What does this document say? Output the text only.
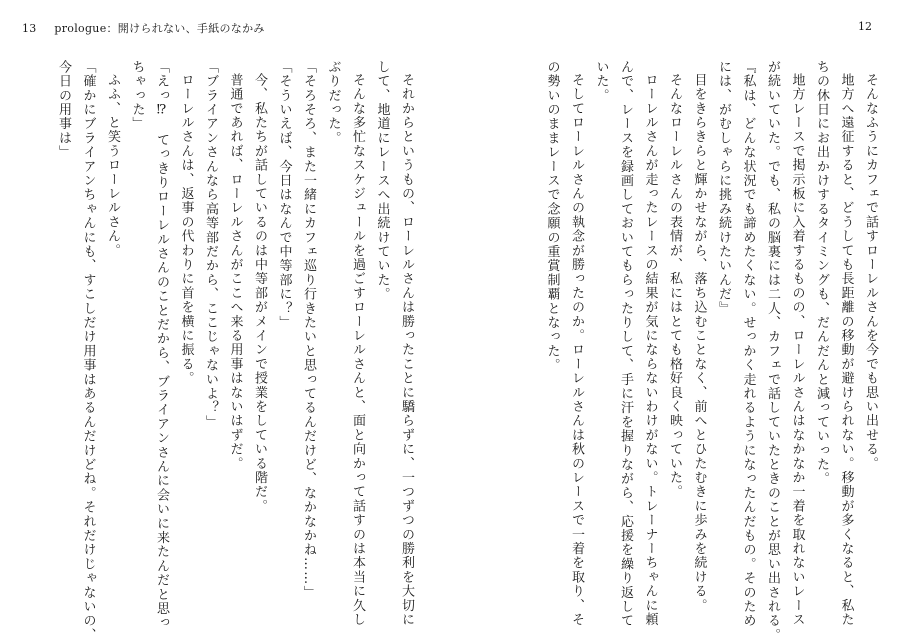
13 prologue：開けられない、手紙のなかみ
それからというもの、ローレルさんは勝ったことに驕らずに、一つずつの勝利を大切に
して、地道にレースへ出続けていた。
そんな多忙なスケジュールを過ごすローレルさんと、面と向かって話すのは本当に久し
ぶりだった。
「そろそろ、また一緒にカフェ巡り行きたいと思ってるんだけど、なかなかね……」
「そういえば、今日はなんで中等部に？」
今、私たちが話しているのは中等部がメインで授業をしている階だ。
普通であれば、ローレルさんがここへ来る用事はないはずだ。
「ブライアンさんなら高等部だから、ここじゃないよ？」
ローレルさんは、返事の代わりに首を横に振る。
「えっ⁉　てっきりローレルさんのことだから、ブライアンさんに会いに来たんだと思っ
ちゃった」
ふふ、と笑うローレルさん。
「確かにブライアンちゃんにも、すこしだけ用事はあるんだけどね。それだけじゃないの、
今日の用事は」
12
そんなふうにカフェで話すローレルさんを今でも思い出せる。
地方へ遠征すると、どうしても長距離の移動が避けられない。移動が多くなると、私た
ちの休日にお出かけするタイミングも、だんだんと減っていった。
地方レースで掲示板に入着するものの、ローレルさんはなかなか一着を取れないレース
が続いていた。でも、私の脳裏には二人、カフェで話していたときのことが思い出される。
『私は、どんな状況でも諦めたくない。せっかく走れるようになったんだもの。そのため
には、がむしゃらに挑み続けたいんだ』
目をきらきらと輝かせながら、落ち込むことなく、前へとひたむきに歩みを続ける。
そんなローレルさんの表情が、私にはとても格好良く映っていた。
ローレルさんが走ったレースの結果が気にならないわけがない。トレーナーちゃんに頼
んで、レースを録画しておいてもらったりして、手に汗を握りながら、応援を繰り返して
いた。
そしてローレルさんの執念が勝ったのか。ローレルさんは秋のレースで一着を取り、そ
の勢いのままレースで念願の重賞制覇となった。
